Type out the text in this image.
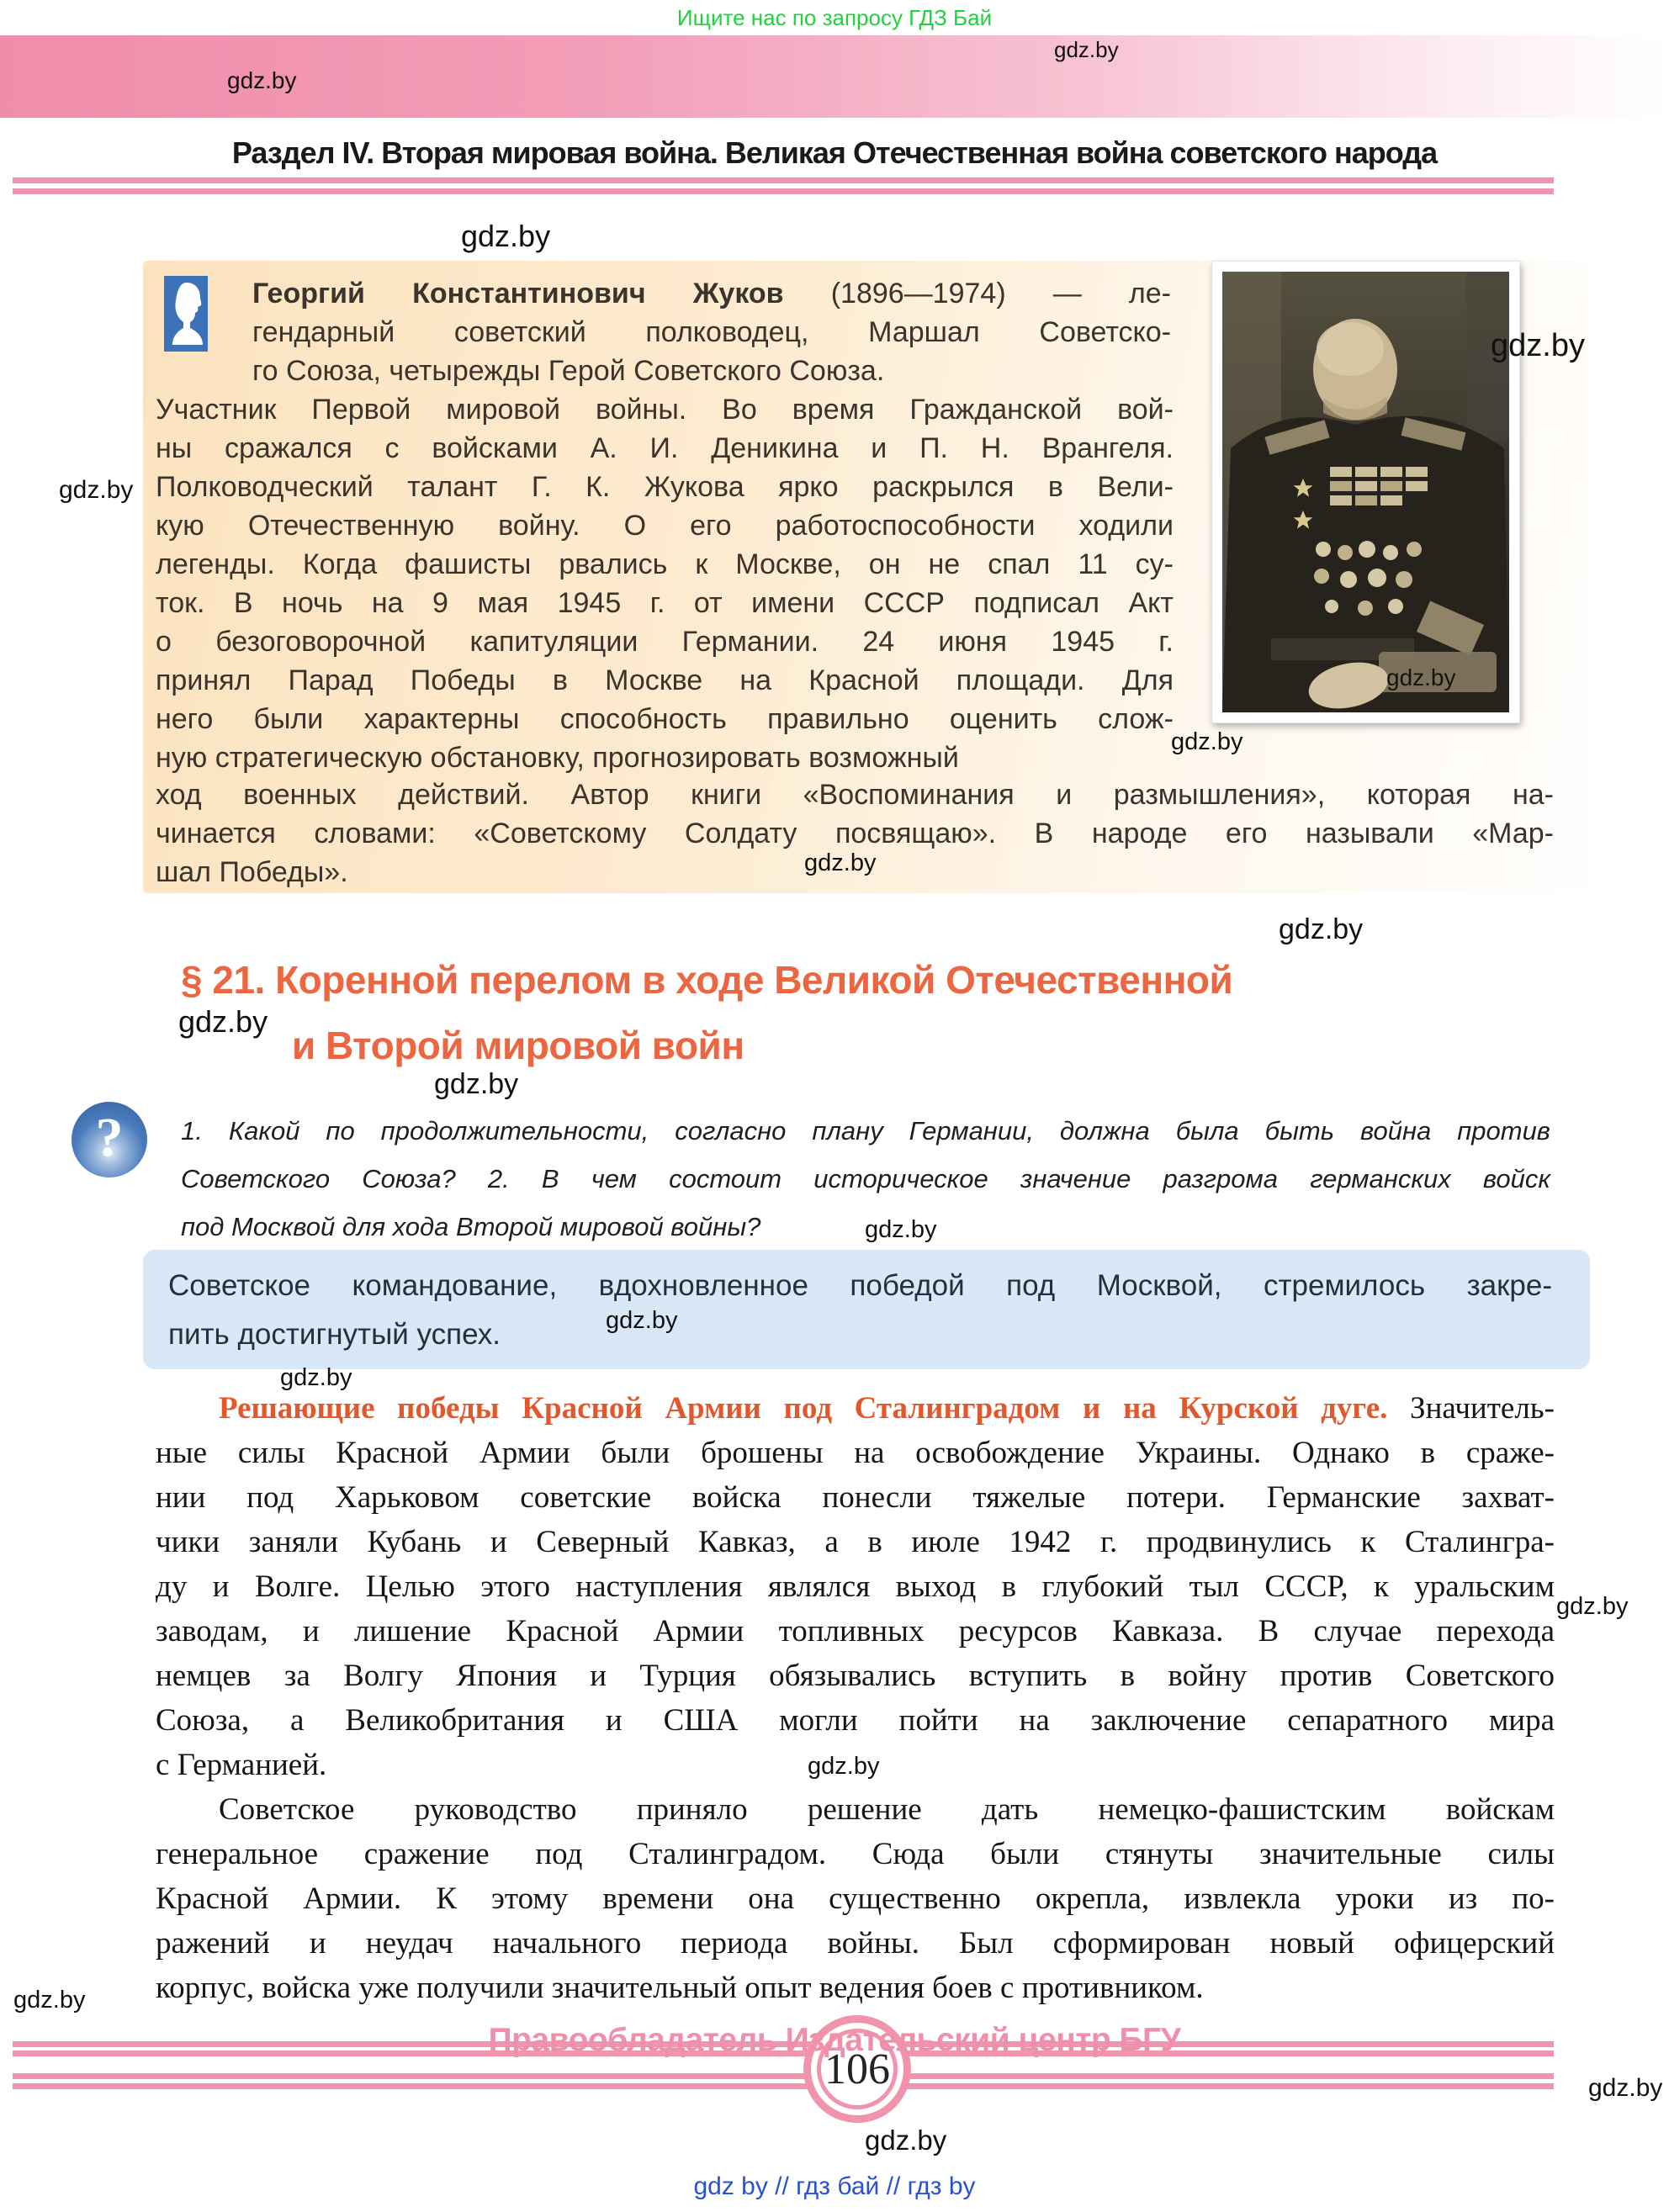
Ищите нас по запросу ГДЗ Бай
gdz.by
gdz.by
Раздел IV. Вторая мировая война. Великая Отечественная война советского народа
gdz.by
Георгий Константинович Жуков (1896—1974) — ле-
гендарный советский полководец, Маршал Советско-
го Союза, четырежды Герой Советского Союза.
Участник Первой мировой войны. Во время Гражданской вой-
ны сражался с войсками А. И. Деникина и П. Н. Врангеля.
Полководческий талант Г. К. Жукова ярко раскрылся в Вели-
кую Отечественную войну. О его работоспособности ходили
легенды. Когда фашисты рвались к Москве, он не спал 11 су-
ток. В ночь на 9 мая 1945 г. от имени СССР подписал Акт
о безоговорочной капитуляции Германии. 24 июня 1945 г.
принял Парад Победы в Москве на Красной площади. Для
него были характерны способность правильно оценить слож-
ную стратегическую обстановку, прогнозировать возможный
ход военных действий. Автор книги «Воспоминания и размышления», которая на-
чинается словами: «Советскому Солдату посвящаю». В народе его называли «Мар-
шал Победы».
gdz.by
gdz.by
gdz.by
gdz.by
gdz.by
§ 21. Коренной перелом в ходе Великой Отечественной
и Второй мировой войн
gdz.by
gdz.by
gdz.by
? 1. Какой по продолжительности, согласно плану Германии, должна была быть война против
Советского Союза? 2. В чем состоит историческое значение разгрома германских войск
под Москвой для хода Второй мировой войны?	gdz.by
Советское командование, вдохновленное победой под Москвой, стремилось закре-
пить достигнутый успех.	gdz.by
gdz.by
Решающие победы Красной Армии под Сталинградом и на Курской дуге. Значитель-
ные силы Красной Армии были брошены на освобождение Украины. Однако в сраже-
нии под Харьковом советские войска понесли тяжелые потери. Германские захват-
чики заняли Кубань и Северный Кавказ, а в июле 1942 г. продвинулись к Сталингра-
ду и Волге. Целью этого наступления являлся выход в глубокий тыл СССР, к уральским
заводам, и лишение Красной Армии топливных ресурсов Кавказа. В случае перехода
немцев за Волгу Япония и Турция обязывались вступить в войну против Советского
Союза, а Великобритания и США могли пойти на заключение сепаратного мира
с Германией.
Советское руководство приняло решение дать немецко-фашистским войскам
генеральное сражение под Сталинградом. Сюда были стянуты значительные силы
Красной Армии. К этому времени она существенно окрепла, извлекла уроки из по-
ражений и неудач начального периода войны. Был сформирован новый офицерский
корпус, войска уже получили значительный опыт ведения боев с противником.
gdz.by
gdz.by
gdz.by
106
Правообладатель Издательский центр БГУ
gdz.by
gdz.by
gdz by // гдз бай // гдз by
